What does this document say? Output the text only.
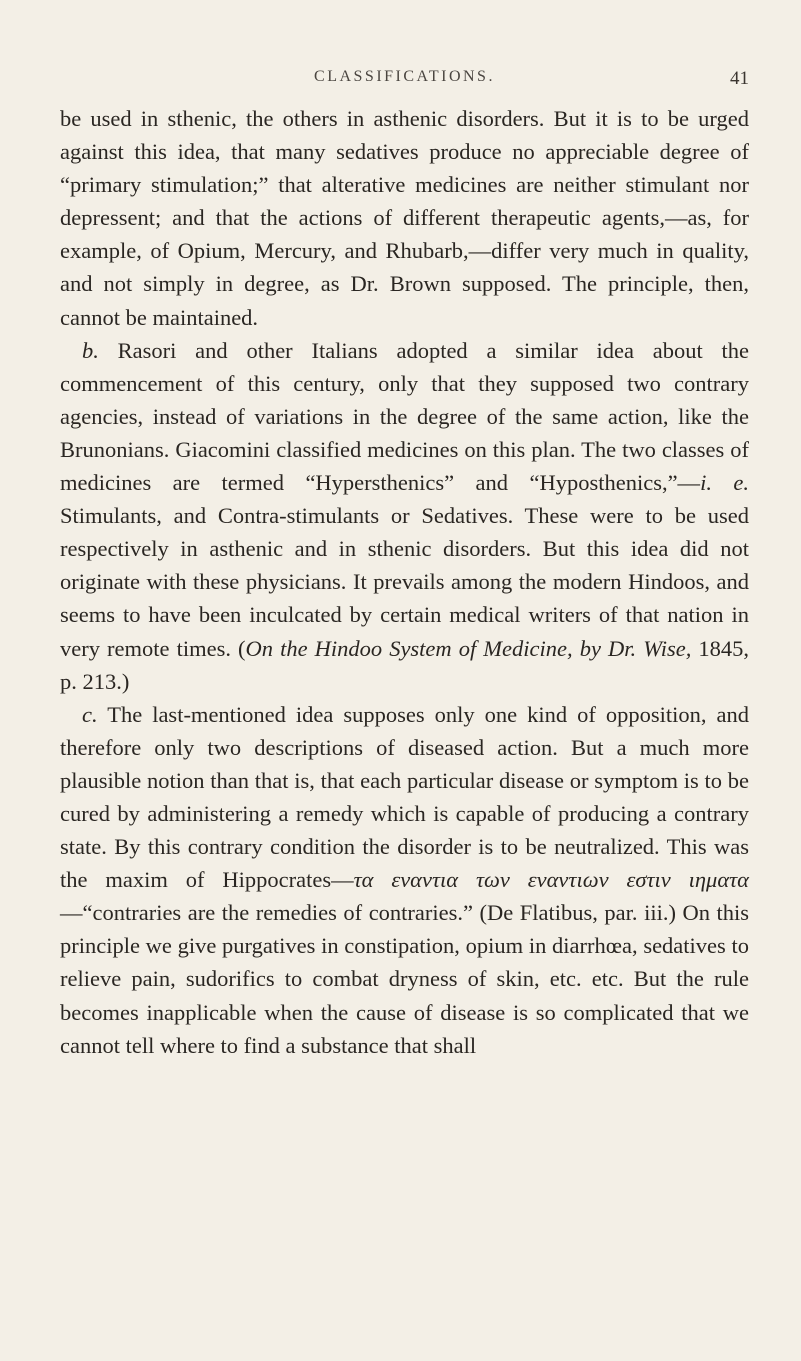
CLASSIFICATIONS.	41

be used in sthenic, the others in asthenic disorders. But it is to be urged against this idea, that many sedatives produce no appreciable degree of “primary stimulation;” that alterative medicines are neither stimulant nor depressent; and that the actions of different therapeutic agents,—as, for example, of Opium, Mercury, and Rhubarb,—differ very much in quality, and not simply in degree, as Dr. Brown supposed. The principle, then, cannot be maintained.

b. Rasori and other Italians adopted a similar idea about the commencement of this century, only that they supposed two contrary agencies, instead of variations in the degree of the same action, like the Brunonians. Giacomini classified medicines on this plan. The two classes of medicines are termed “Hypersthenics” and “Hyposthenics,”—i. e. Stimulants, and Contra-stimulants or Sedatives. These were to be used respectively in asthenic and in sthenic disorders. But this idea did not originate with these physicians. It prevails among the modern Hindoos, and seems to have been inculcated by certain medical writers of that nation in very remote times. (On the Hindoo System of Medicine, by Dr. Wise, 1845, p. 213.)

c. The last-mentioned idea supposes only one kind of opposition, and therefore only two descriptions of diseased action. But a much more plausible notion than that is, that each particular disease or symptom is to be cured by administering a remedy which is capable of producing a contrary state. By this contrary condition the disorder is to be neutralized. This was the maxim of Hippocrates—τα εναντια των εναντιων εστιν ιηματα—“contraries are the remedies of contraries.” (De Flatibus, par. iii.) On this principle we give purgatives in constipation, opium in diarrhœa, sedatives to relieve pain, sudorifics to combat dryness of skin, etc. etc. But the rule becomes inapplicable when the cause of disease is so complicated that we cannot tell where to find a substance that shall
